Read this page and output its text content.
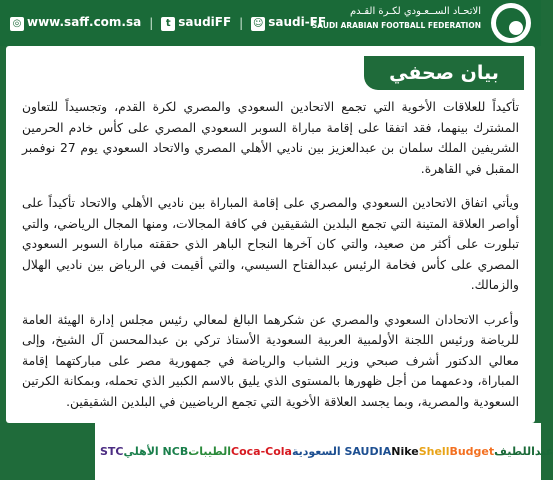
◎ www.saff.com.sa |	t saudiFF | ☺ saudi-FF
الاتحـاد الســعـودي لكـرة القـدم
SAUDI ARABIAN FOOTBALL FEDERATION
بيان صحفي

تأكيداً للعلاقات الأخوية التي تجمع الاتحادين السعودي والمصري لكرة القدم، وتجسيداً للتعاون المشترك بينهما، فقد اتفقا على إقامة مباراة السوبر السعودي المصري على كأس خادم الحرمين الشريفين الملك سلمان بن عبدالعزيز بين ناديي الأهلي المصري والاتحاد السعودي يوم 27 نوفمبر المقبل في القاهرة.

ويأتي اتفاق الاتحادين السعودي والمصري على إقامة المباراة بين ناديي الأهلي والاتحاد تأكيداً على أواصر العلاقة المتينة التي تجمع البلدين الشقيقين في كافة المجالات، ومنها المجال الرياضي، والتي تبلورت على أكثر من صعيد، والتي كان آخرها النجاح الباهر الذي حققته مباراة السوبر السعودي المصري على كأس فخامة الرئيس عبدالفتاح السيسي، والتي أقيمت في الرياض بين ناديي الهلال والزمالك.

وأعرب الاتحادان السعودي والمصري عن شكرهما البالغ لمعالي رئيس مجلس إدارة الهيئة العامة للرياضة ورئيس اللجنة الأولمبية العربية السعودية الأستاذ تركي بن عبدالمحسن آل الشيخ، وإلى معالي الدكتور أشرف صبحي وزير الشباب والرياضة في جمهورية مصر على مباركتهما إقامة المباراة، ودعمهما من أجل ظهورها بالمستوى الذي يليق بالاسم الكبير الذي تحمله، وبمكانة الكرتين السعودية والمصرية، وبما يجسد العلاقة الأخوية التي تجمع الرياضيين في البلدين الشقيقين.

STC الأهلي NCB الطيبات Coca-Cola السعودية SAUDIA Nike Shell Budget عبداللطيف
